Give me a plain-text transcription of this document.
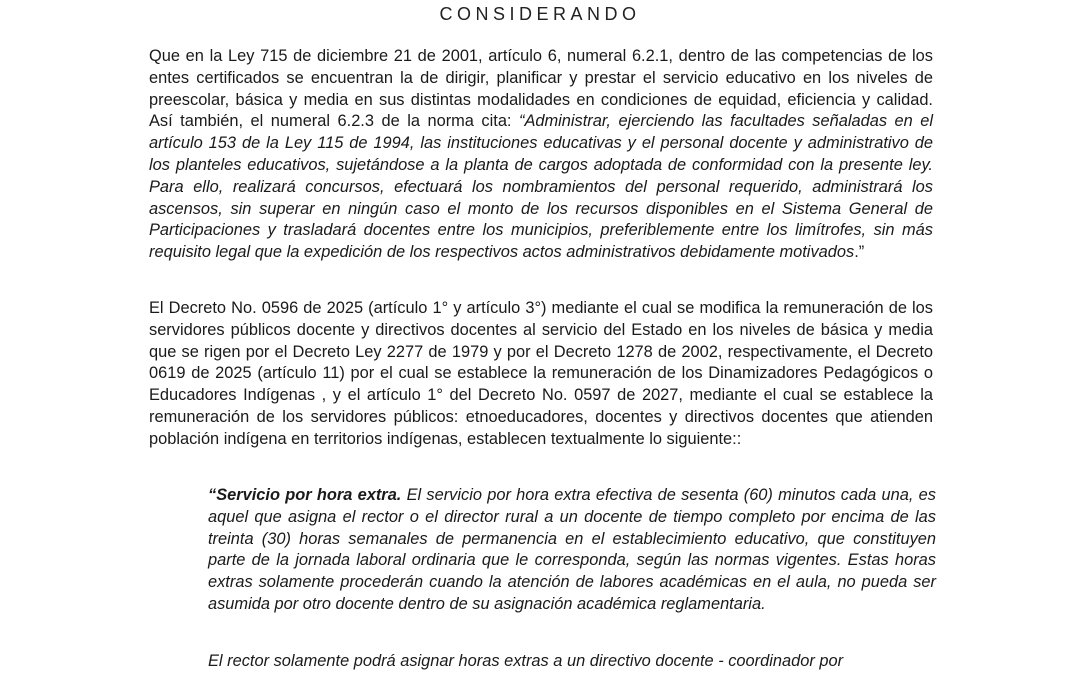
CONSIDERANDO

Que en la Ley 715 de diciembre 21 de 2001, artículo 6, numeral 6.2.1, dentro de las competencias de los entes certificados se encuentran la de dirigir, planificar y prestar el servicio educativo en los niveles de preescolar, básica y media en sus distintas modalidades en condiciones de equidad, eficiencia y calidad. Así también, el numeral 6.2.3 de la norma cita: “Administrar, ejerciendo las facultades señaladas en el artículo 153 de la Ley 115 de 1994, las instituciones educativas y el personal docente y administrativo de los planteles educativos, sujetándose a la planta de cargos adoptada de conformidad con la presente ley. Para ello, realizará concursos, efectuará los nombramientos del personal requerido, administrará los ascensos, sin superar en ningún caso el monto de los recursos disponibles en el Sistema General de Participaciones y trasladará docentes entre los municipios, preferiblemente entre los limítrofes, sin más requisito legal que la expedición de los respectivos actos administrativos debidamente motivados.”

El Decreto No. 0596 de 2025 (artículo 1° y artículo 3°) mediante el cual se modifica la remuneración de los servidores públicos docente y directivos docentes al servicio del Estado en los niveles de básica y media que se rigen por el Decreto Ley 2277 de 1979 y por el Decreto 1278 de 2002, respectivamente, el Decreto 0619 de 2025 (artículo 11) por el cual se establece la remuneración de los Dinamizadores Pedagógicos o Educadores Indígenas , y el artículo 1° del Decreto No. 0597 de 2027, mediante el cual se establece la remuneración de los servidores públicos: etnoeducadores, docentes y directivos docentes que atienden población indígena en territorios indígenas, establecen textualmente lo siguiente::

“Servicio por hora extra. El servicio por hora extra efectiva de sesenta (60) minutos cada una, es aquel que asigna el rector o el director rural a un docente de tiempo completo por encima de las treinta (30) horas semanales de permanencia en el establecimiento educativo, que constituyen parte de la jornada laboral ordinaria que le corresponda, según las normas vigentes. Estas horas extras solamente procederán cuando la atención de labores académicas en el aula, no pueda ser asumida por otro docente dentro de su asignación académica reglamentaria.

El rector solamente podrá asignar horas extras a un directivo docente - coordinador por
